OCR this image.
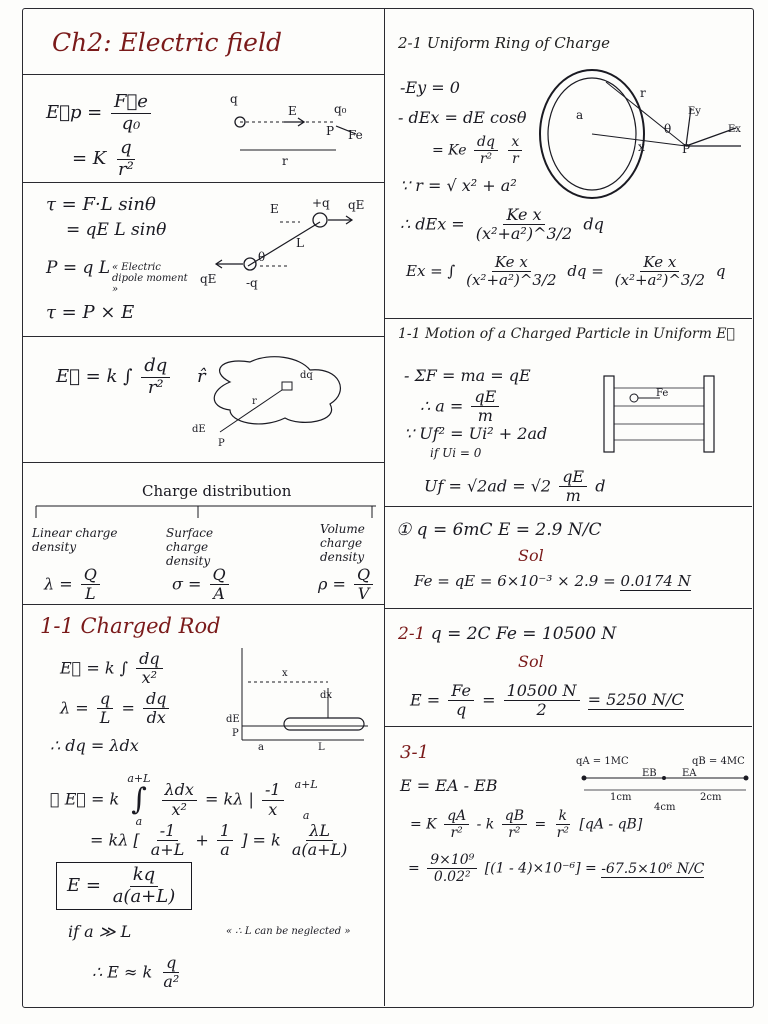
Ch2: Electric field
E⃗p = $\frac{F⃗e}{\text{q₀}}$
= K $\frac{q}{\text{r²}}$
q
q₀
E
P Fe
r
τ = F·L sinθ
= qE L sinθ
P = q L « Electric dipole moment »
τ = P × E
+q qE
E
L
θ
qE -q
E⃗ = k ∫ $\frac{dq}{\text{r²}}$ r̂	dq
r
dE
P
Charge distribution
Linear charge density
$\lambda = \frac{Q}{L}$
Surface charge density
$\sigma = \frac{Q}{A}$
Volume charge density
$\rho = \frac{Q}{V}$
1-1 Charged Rod
E⃗ = k ∫ $\frac{dq}{\text{x²}}$
$\lambda = \frac{q}{L} = \frac{dq}{dx}$
∴ dq = λdx
∴ E⃗ = k
a+L
∫
a

$\frac{\text{λdx}}{\text{x²}} = k\lambda$ | $\frac{-1}{x}$
a+L
a
= kλ [ $\frac{-1}{a+L} + \frac{1}{a}$ ] = k $\frac{\lambda L}{a(a+L)}$
$E = \frac{kq}{a(a+L)}$
if a ≫ L	« ∴ L can be neglected »
∴ E ≈ k $\frac{q}{\text{a²}}$
dE
P
x
dx
a	L
2-1 Uniform Ring of Charge
-Ey = 0
- dEx = dE cosθ
= Ke $\frac{dq}{\text{r²}}$
$\frac{x}{r}$
∵ r = √ x² + a²
∴ dEx = $\frac{\text{Ke x}}{\text{(x²+a²)\textasciicircum{}3/2}}$ dq
Ex = ∫ $\frac{\text{Ke x}}{\text{(x²+a²)\textasciicircum{}3/2}}$ dq = $\frac{\text{Ke x}}{\text{(x²+a²)\textasciicircum{}3/2}}$ q
a
r
θ
x	P
Ey
Ex
1-1 Motion of a Charged Particle in Uniform E⃗
- ΣF = ma = qE
∴ $a = \frac{qE}{m}$
∵ Uf² = Ui² + 2ad
if Ui = 0
$Uf = √2ad = √2 \frac{qE}{m}$ d
Fe
① q = 6mC E = 2.9 N/C
Sol
Fe = qE = 6×10⁻³ × 2.9 = 0.0174 N
2-1 q = 2C Fe = 10500 N
Sol
$E = \frac{Fe}{q} = \frac{10500 N}{2} = 5250$ N/C
3-1
E = EA - EB
= K $\frac{qA}{\text{r²}} - k \frac{qB}{\text{r²}} = \frac{k}{\text{r²}} [qA - qB]$
= $\frac{\text{9×10⁹}}{\text{0.02²}} [(1 - 4)\times 10^{-6}] = -67.5\times 10^6$ N/C
qA = 1MC	qB = 4MC
EB	EA
1cm	2cm
4cm
